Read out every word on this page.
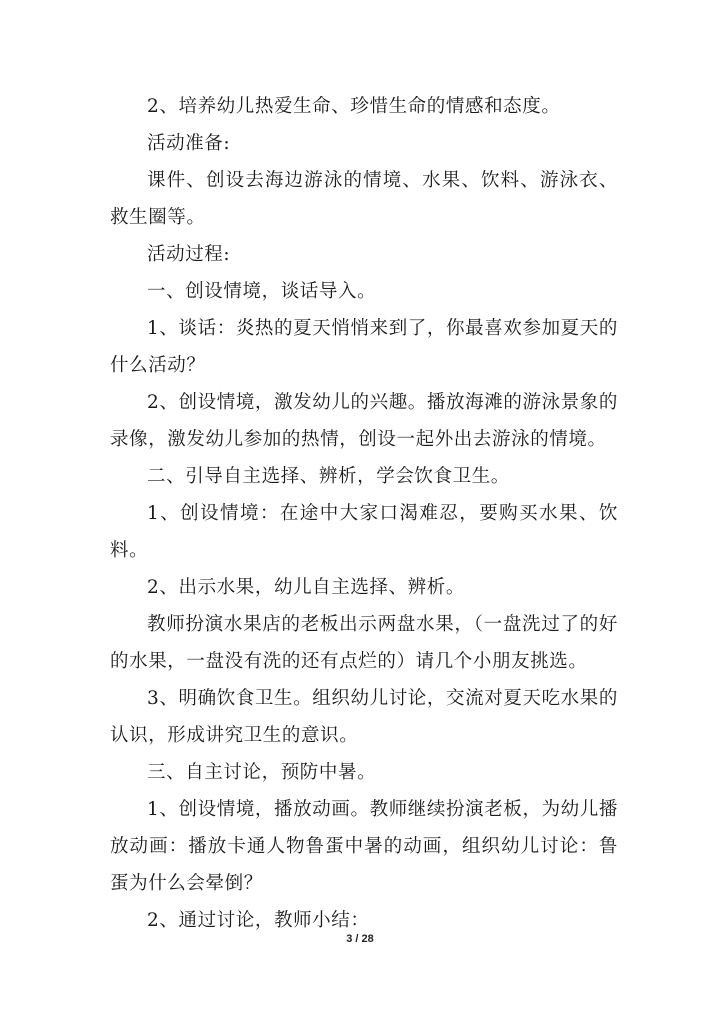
2、培养幼儿热爱生命、珍惜生命的情感和态度。

活动准备:

课件、创设去海边游泳的情境、水果、饮料、游泳衣、救生圈等。

活动过程:

一、创设情境，谈话导入。

1、谈话：炎热的夏天悄悄来到了，你最喜欢参加夏天的什么活动？

2、创设情境，激发幼儿的兴趣。播放海滩的游泳景象的录像，激发幼儿参加的热情，创设一起外出去游泳的情境。

二、引导自主选择、辨析，学会饮食卫生。

1、创设情境：在途中大家口渴难忍，要购买水果、饮料。

2、出示水果，幼儿自主选择、辨析。

教师扮演水果店的老板出示两盘水果，（一盘洗过了的好的水果，一盘没有洗的还有点烂的）请几个小朋友挑选。

3、明确饮食卫生。组织幼儿讨论，交流对夏天吃水果的认识，形成讲究卫生的意识。

三、自主讨论，预防中暑。

1、创设情境，播放动画。教师继续扮演老板，为幼儿播放动画：播放卡通人物鲁蛋中暑的动画，组织幼儿讨论：鲁蛋为什么会晕倒？

2、通过讨论，教师小结：

3 / 28
